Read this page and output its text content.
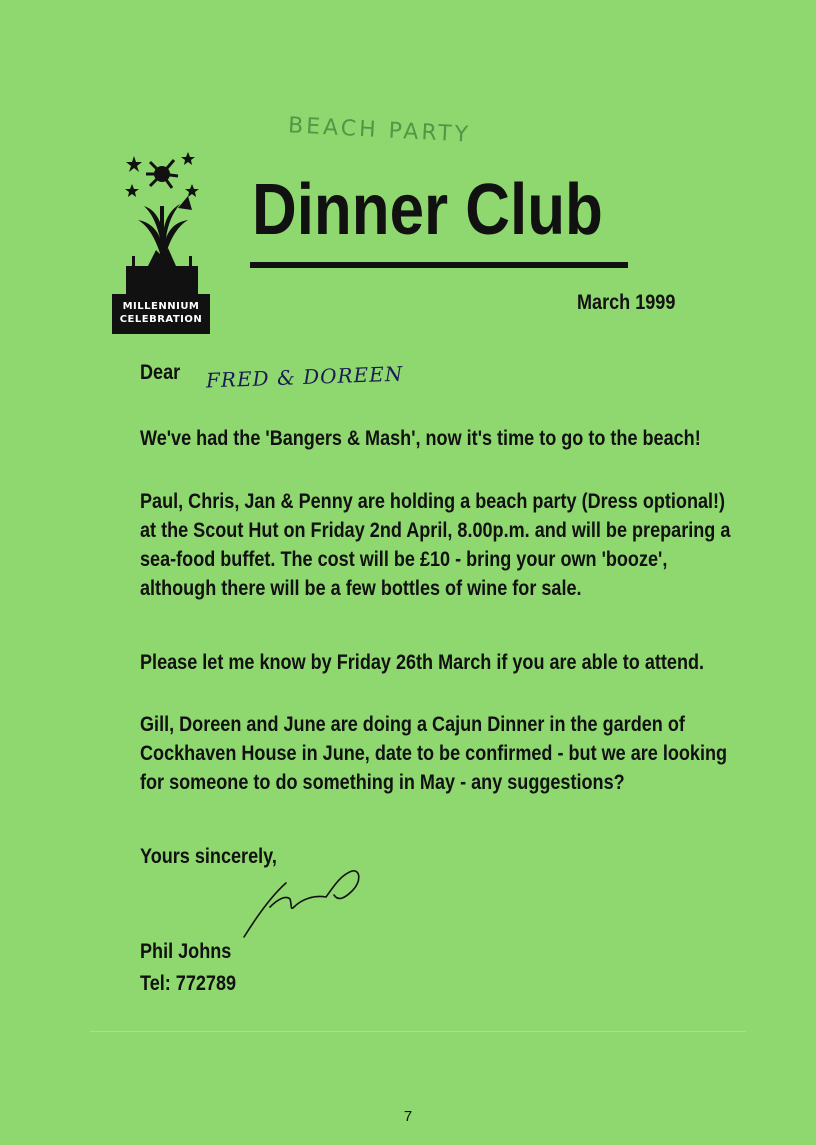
BEACH PARTY
MILLENNIUM
CELEBRATION
Dinner Club
March 1999
Dear FRED & DOREEN

We've had the 'Bangers & Mash', now it's time to go to the beach!

Paul, Chris, Jan & Penny are holding a beach party (Dress optional!) at the Scout Hut on Friday 2nd April, 8.00p.m. and will be preparing a sea-food buffet. The cost will be £10 - bring your own 'booze', although there will be a few bottles of wine for sale.

Please let me know by Friday 26th March if you are able to attend.

Gill, Doreen and June are doing a Cajun Dinner in the garden of Cockhaven House in June, date to be confirmed - but we are looking for someone to do something in May - any suggestions?

Yours sincerely,
Phil Johns
Tel: 772789
7
